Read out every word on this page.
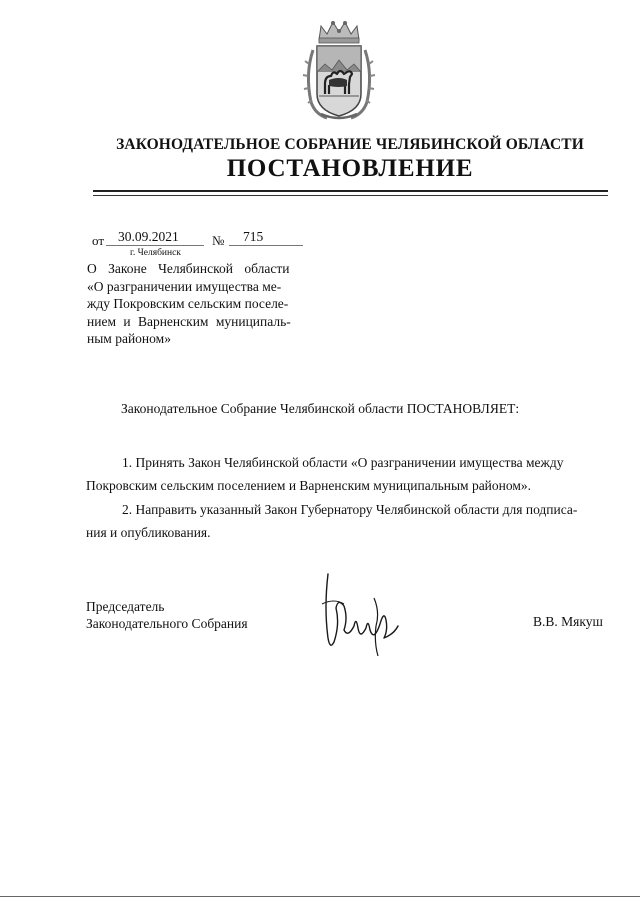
ЗАКОНОДАТЕЛЬНОЕ СОБРАНИЕ ЧЕЛЯБИНСКОЙ ОБЛАСТИ
ПОСТАНОВЛЕНИЕ
от 30.09.2021	№ 715
г. Челябинск
О Законе Челябинской области
«О разграничении имущества ме-
жду Покровским сельским поселе-
нием и Варненским муниципаль-
ным районом»
Законодательное Собрание Челябинской области ПОСТАНОВЛЯЕТ:
1. Принять Закон Челябинской области «О разграничении имущества между
Покровским сельским поселением и Варненским муниципальным районом».
2. Направить указанный Закон Губернатору Челябинской области для подписа-
ния и опубликования.
Председатель
Законодательного Собрания	В.В. Мякуш
